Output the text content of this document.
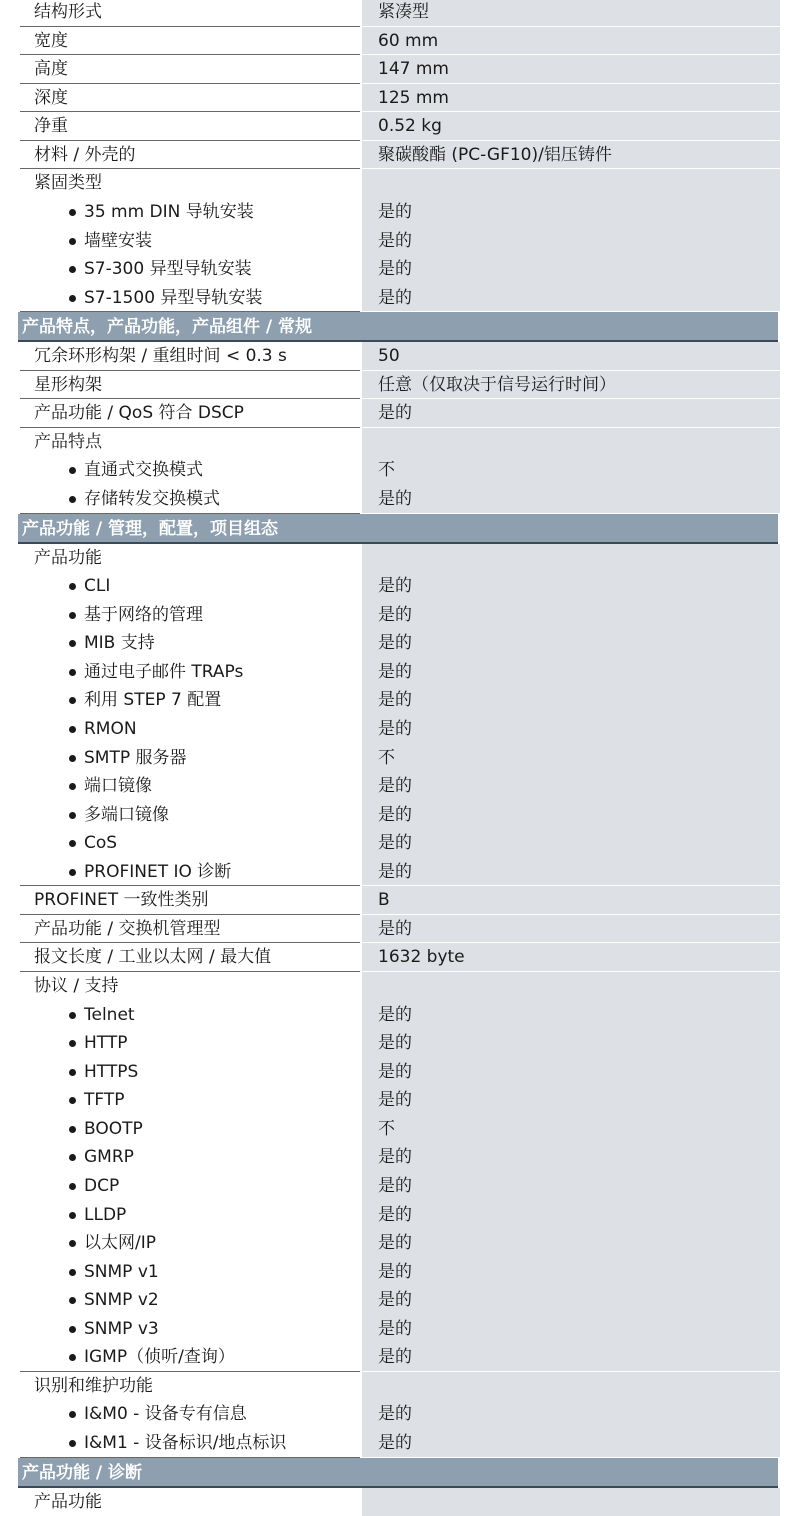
结构形式	紧凑型
宽度	60 mm
高度	147 mm
深度	125 mm
净重	0.52 kg
材料 / 外壳的	聚碳酸酯 (PC-GF10)/铝压铸件
紧固类型
35 mm DIN 导轨安装	是的
墙壁安装	是的
S7-300 异型导轨安装	是的
S7-1500 异型导轨安装	是的
产品特点，产品功能，产品组件 / 常规
冗余环形构架 / 重组时间 < 0.3 s	50
星形构架	任意（仅取决于信号运行时间）
产品功能 / QoS 符合 DSCP	是的
产品特点
直通式交换模式	不
存储转发交换模式	是的
产品功能 / 管理，配置，项目组态
产品功能
CLI	是的
基于网络的管理	是的
MIB 支持	是的
通过电子邮件 TRAPs	是的
利用 STEP 7 配置	是的
RMON	是的
SMTP 服务器	不
端口镜像	是的
多端口镜像	是的
CoS	是的
PROFINET IO 诊断	是的
PROFINET 一致性类别	B
产品功能 / 交换机管理型	是的
报文长度 / 工业以太网 / 最大值	1632 byte
协议 / 支持
Telnet	是的
HTTP	是的
HTTPS	是的
TFTP	是的
BOOTP	不
GMRP	是的
DCP	是的
LLDP	是的
以太网/IP	是的
SNMP v1	是的
SNMP v2	是的
SNMP v3	是的
IGMP（侦听/查询）	是的
识别和维护功能
I&M0 - 设备专有信息	是的
I&M1 - 设备标识/地点标识	是的
产品功能 / 诊断
产品功能
